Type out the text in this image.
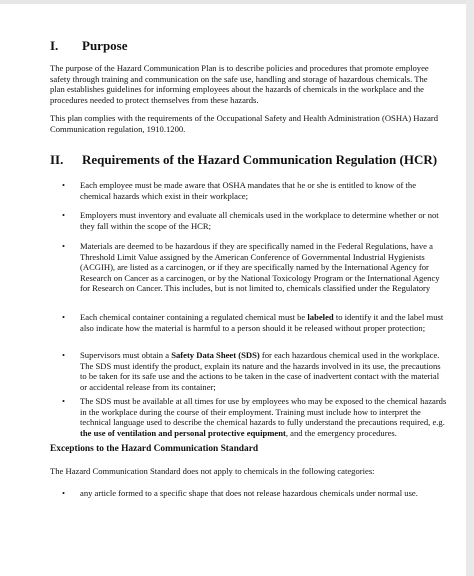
I. Purpose
The purpose of the Hazard Communication Plan is to describe policies and procedures that promote employee safety through training and communication on the safe use, handling and storage of hazardous chemicals. The plan establishes guidelines for informing employees about the hazards of chemicals in the workplace and the procedures needed to protect themselves from these hazards.
This plan complies with the requirements of the Occupational Safety and Health Administration (OSHA) Hazard Communication regulation, 1910.1200.
II. Requirements of the Hazard Communication Regulation (HCR)
• Each employee must be made aware that OSHA mandates that he or she is entitled to know of the chemical hazards which exist in their workplace;
• Employers must inventory and evaluate all chemicals used in the workplace to determine whether or not they fall within the scope of the HCR;
• Materials are deemed to be hazardous if they are specifically named in the Federal Regulations, have a Threshold Limit Value assigned by the American Conference of Governmental Industrial Hygienists (ACGIH), are listed as a carcinogen, or if they are specifically named by the International Agency for Research on Cancer as a carcinogen, or by the National Toxicology Program or the International Agency for Research on Cancer. This includes, but is not limited to, chemicals classified under the Regulatory
• Each chemical container containing a regulated chemical must be labeled to identify it and the label must also indicate how the material is harmful to a person should it be released without proper protection;
• Supervisors must obtain a Safety Data Sheet (SDS) for each hazardous chemical used in the workplace. The SDS must identify the product, explain its nature and the hazards involved in its use, the precautions to be taken for its safe use and the actions to be taken in the case of inadvertent contact with the material or accidental release from its container;
• The SDS must be available at all times for use by employees who may be exposed to the chemical hazards in the workplace during the course of their employment. Training must include how to interpret the technical language used to describe the chemical hazards to fully understand the precautions required, e.g. the use of ventilation and personal protective equipment, and the emergency procedures.
Exceptions to the Hazard Communication Standard
The Hazard Communication Standard does not apply to chemicals in the following categories:
• any article formed to a specific shape that does not release hazardous chemicals under normal use.
